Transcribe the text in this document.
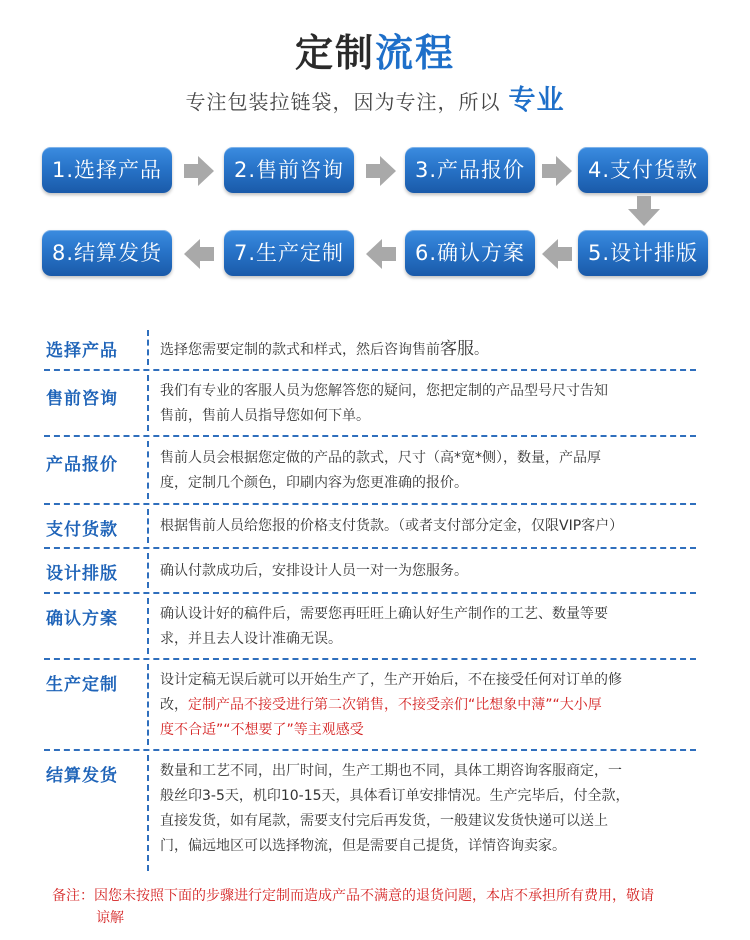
定制流程
专注包装拉链袋，因为专注，所以 专业
1.选择产品	2.售前咨询	3.产品报价	4.支付货款
8.结算发货	7.生产定制	6.确认方案	5.设计排版
选择产品	选择您需要定制的款式和样式，然后咨询售前客服。
售前咨询	我们有专业的客服人员为您解答您的疑问，您把定制的产品型号尺寸告知
售前，售前人员指导您如何下单。
产品报价	售前人员会根据您定做的产品的款式，尺寸（高*宽*侧），数量，产品厚
度，定制几个颜色，印刷内容为您更准确的报价。
支付货款	根据售前人员给您报的价格支付货款。（或者支付部分定金，仅限VIP客户）
设计排版	确认付款成功后，安排设计人员一对一为您服务。
确认方案	确认设计好的稿件后，需要您再旺旺上确认好生产制作的工艺、数量等要
求，并且去人设计准确无误。
生产定制	设计定稿无误后就可以开始生产了，生产开始后，不在接受任何对订单的修
改，定制产品不接受进行第二次销售，不接受亲们“比想象中薄”“大小厚
度不合适”“不想要了”等主观感受
结算发货	数量和工艺不同，出厂时间，生产工期也不同，具体工期咨询客服商定，一
般丝印3-5天，机印10-15天，具体看订单安排情况。生产完毕后，付全款，
直接发货，如有尾款，需要支付完后再发货，一般建议发货快递可以送上
门，偏远地区可以选择物流，但是需要自己提货，详情咨询卖家。
备注：因您未按照下面的步骤进行定制而造成产品不满意的退货问题，本店不承担所有费用，敬请
谅解
